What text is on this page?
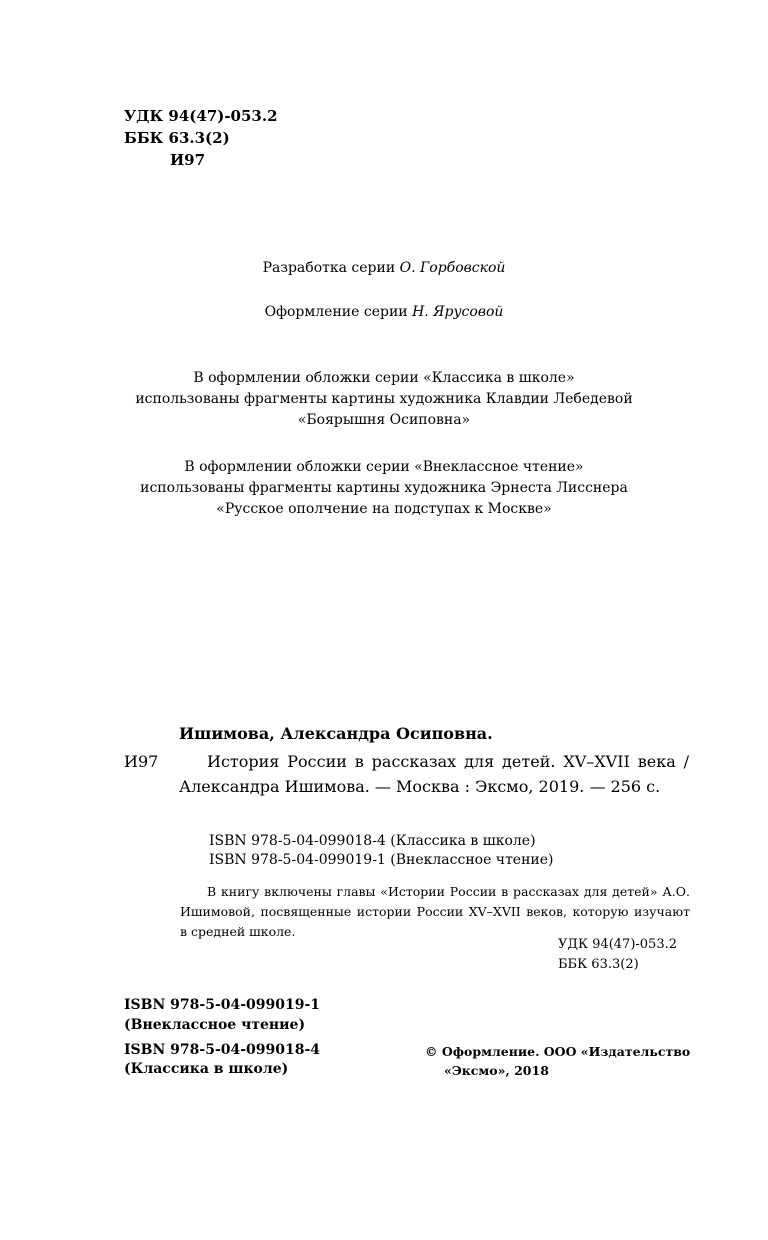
УДК 94(47)-053.2
ББК 63.3(2)
И97
Разработка серии О. Горбовской
Оформление серии Н. Ярусовой
В оформлении обложки серии «Классика в школе»
использованы фрагменты картины художника Клавдии Лебедевой
«Боярышня Осиповна»
В оформлении обложки серии «Внеклассное чтение»
использованы фрагменты картины художника Эрнеста Лисснера
«Русское ополчение на подступах к Москве»
Ишимова, Александра Осиповна.
И97	История России в рассказах для детей. XV–XVII века / Александра Ишимова. — Москва : Эксмо, 2019. — 256 с.
ISBN 978-5-04-099018-4 (Классика в школе)
ISBN 978-5-04-099019-1 (Внеклассное чтение)
В книгу включены главы «Истории России в рассказах для детей» А.О. Ишимовой, посвященные истории России XV–XVII веков, которую изучают в средней школе.
УДК 94(47)-053.2
ББК 63.3(2)
ISBN 978-5-04-099019-1
(Внеклассное чтение)
ISBN 978-5-04-099018-4
(Классика в школе)
© Оформление. ООО «Издательство
«Эксмо», 2018
